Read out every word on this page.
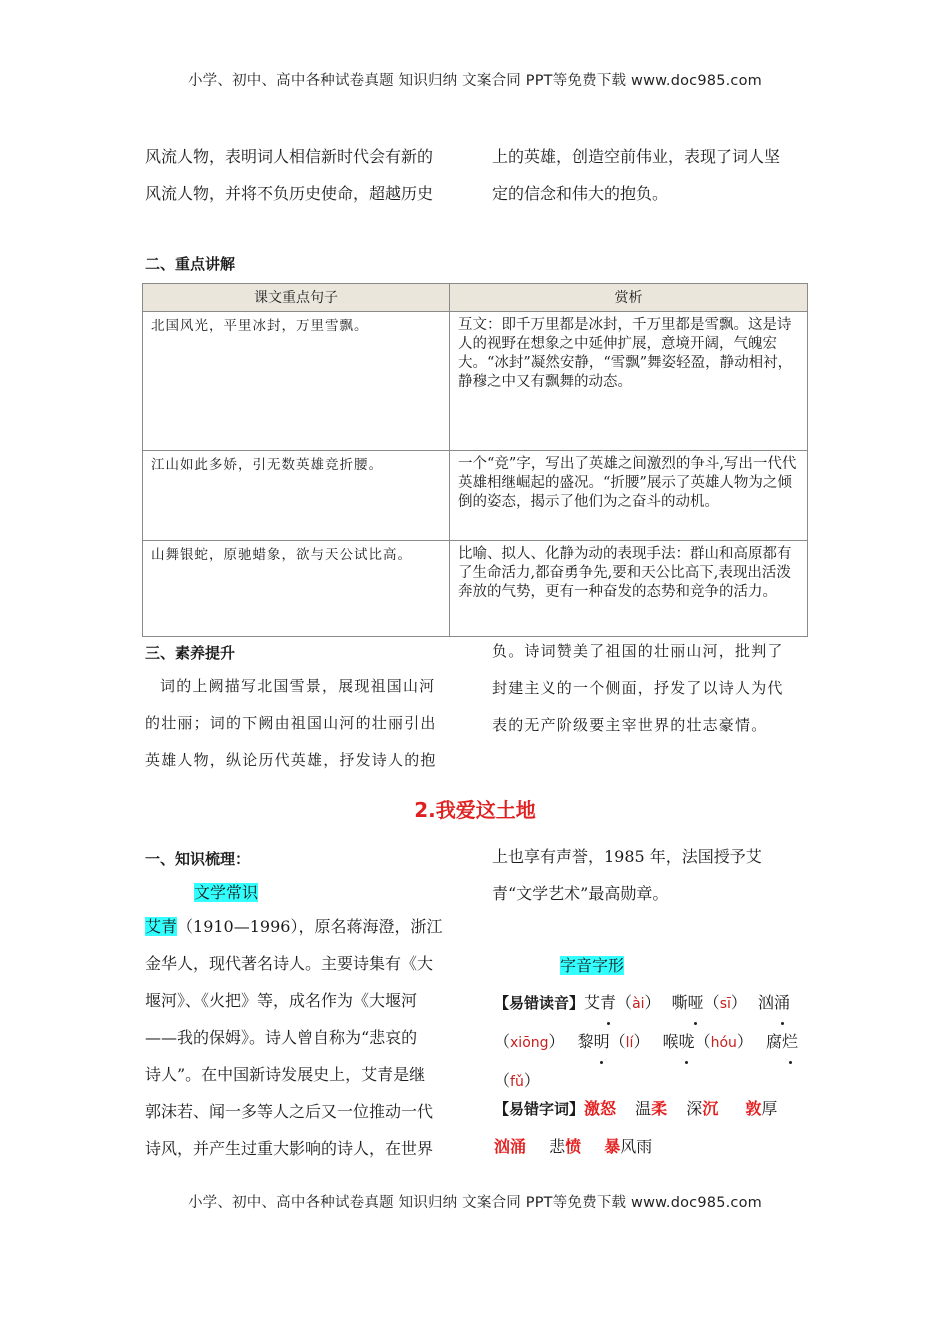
小学、初中、高中各种试卷真题 知识归纳 文案合同 PPT等免费下载 www.doc985.com
风流人物，表明词人相信新时代会有新的
风流人物，并将不负历史使命，超越历史
上的英雄，创造空前伟业，表现了词人坚
定的信念和伟大的抱负。
二、重点讲解
课文重点句子	赏析
北国风光，平里冰封，万里雪飘。	互文：即千万里都是冰封，千万里都是雪飘。这是诗人的视野在想象之中延伸扩展，意境开阔，气魄宏大。“冰封”凝然安静，“雪飘”舞姿轻盈，静动相衬，静穆之中又有飘舞的动态。
江山如此多娇，引无数英雄竞折腰。	一个“竞”字，写出了英雄之间激烈的争斗,写出一代代英雄相继崛起的盛况。“折腰”展示了英雄人物为之倾倒的姿态，揭示了他们为之奋斗的动机。
山舞银蛇，原驰蜡象，欲与天公试比高。	比喻、拟人、化静为动的表现手法：群山和高原都有了生命活力,都奋勇争先,要和天公比高下,表现出活泼奔放的气势，更有一种奋发的态势和竞争的活力。
三、素养提升
词的上阙描写北国雪景，展现祖国山河
的壮丽；词的下阙由祖国山河的壮丽引出
英雄人物，纵论历代英雄，抒发诗人的抱
负。诗词赞美了祖国的壮丽山河，批判了
封建主义的一个侧面，抒发了以诗人为代
表的无产阶级要主宰世界的壮志豪情。
2.我爱这土地
一、知识梳理：
文学常识
艾青（1910—1996），原名蒋海澄，浙江
金华人，现代著名诗人。主要诗集有《大
堰河》、《火把》等，成名作为《大堰河
——我的保姆》。诗人曾自称为“悲哀的
诗人”。在中国新诗发展史上，艾青是继
郭沫若、闻一多等人之后又一位推动一代
诗风，并产生过重大影响的诗人，在世界
上也享有声誉，1985 年，法国授予艾
青“文学艺术”最高勋章。
字音字形
【易错读音】艾青（ài） 嘶哑（sī） 汹涌
（xiōng） 黎明（lí） 喉咙（hóu） 腐烂
（fǔ）
【易错字词】激怒 温柔 深沉 敦厚
汹涌 悲愤 暴风雨
小学、初中、高中各种试卷真题 知识归纳 文案合同 PPT等免费下载 www.doc985.com
